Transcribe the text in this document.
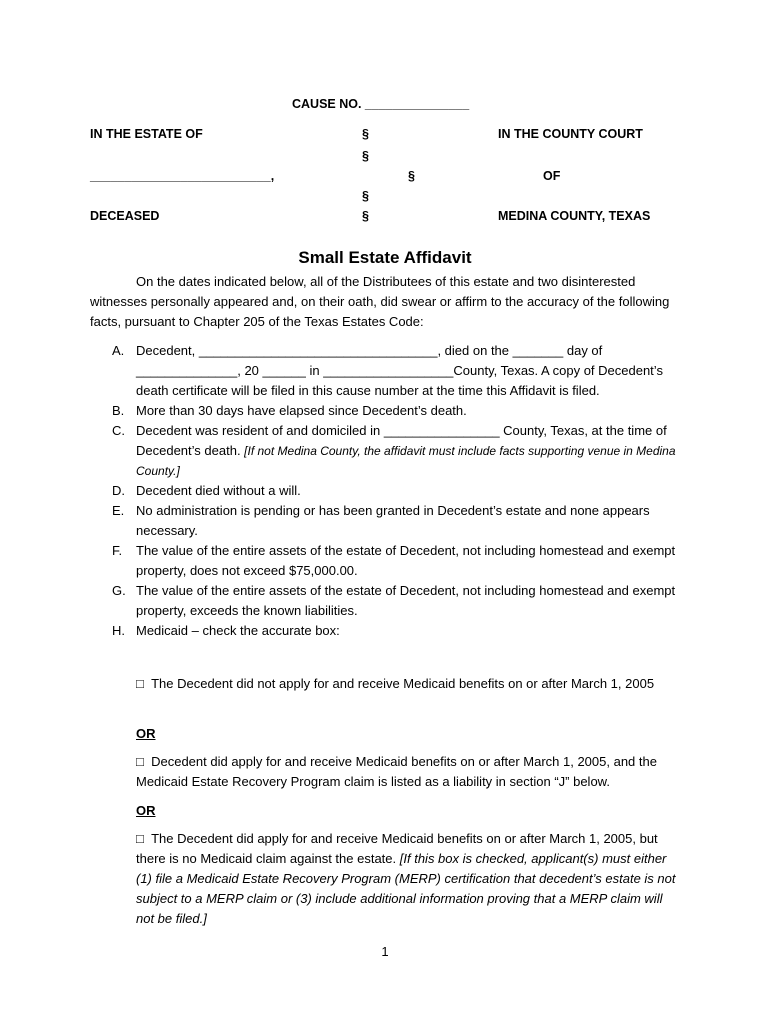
CAUSE NO. _______________
IN THE ESTATE OF
__________________________,
DECEASED
§
§
§
§
§
IN THE COUNTY COURT
OF
MEDINA COUNTY, TEXAS
Small Estate Affidavit
On the dates indicated below, all of the Distributees of this estate and two disinterested witnesses personally appeared and, on their oath, did swear or affirm to the accuracy of the following facts, pursuant to Chapter 205 of the Texas Estates Code:
A. Decedent, _________________________________, died on the _______ day of ______________, 20 ______ in __________________County, Texas. A copy of Decedent’s death certificate will be filed in this cause number at the time this Affidavit is filed.
B. More than 30 days have elapsed since Decedent’s death.
C. Decedent was resident of and domiciled in ________________ County, Texas, at the time of Decedent’s death. [If not Medina County, the affidavit must include facts supporting venue in Medina County.]
D. Decedent died without a will.
E. No administration is pending or has been granted in Decedent’s estate and none appears necessary.
F.	The value of the entire assets of the estate of Decedent, not including homestead and exempt property, does not exceed $75,000.00.
G. The value of the entire assets of the estate of Decedent, not including homestead and exempt property, exceeds the known liabilities.
H. Medicaid – check the accurate box:
□ The Decedent did not apply for and receive Medicaid benefits on or after March 1, 2005
OR
□ Decedent did apply for and receive Medicaid benefits on or after March 1, 2005, and the Medicaid Estate Recovery Program claim is listed as a liability in section “J” below.
OR
□ The Decedent did apply for and receive Medicaid benefits on or after March 1, 2005, but there is no Medicaid claim against the estate. [If this box is checked, applicant(s) must either (1) file a Medicaid Estate Recovery Program (MERP) certification that decedent’s estate is not subject to a MERP claim or (3) include additional information proving that a MERP claim will not be filed.]
1
